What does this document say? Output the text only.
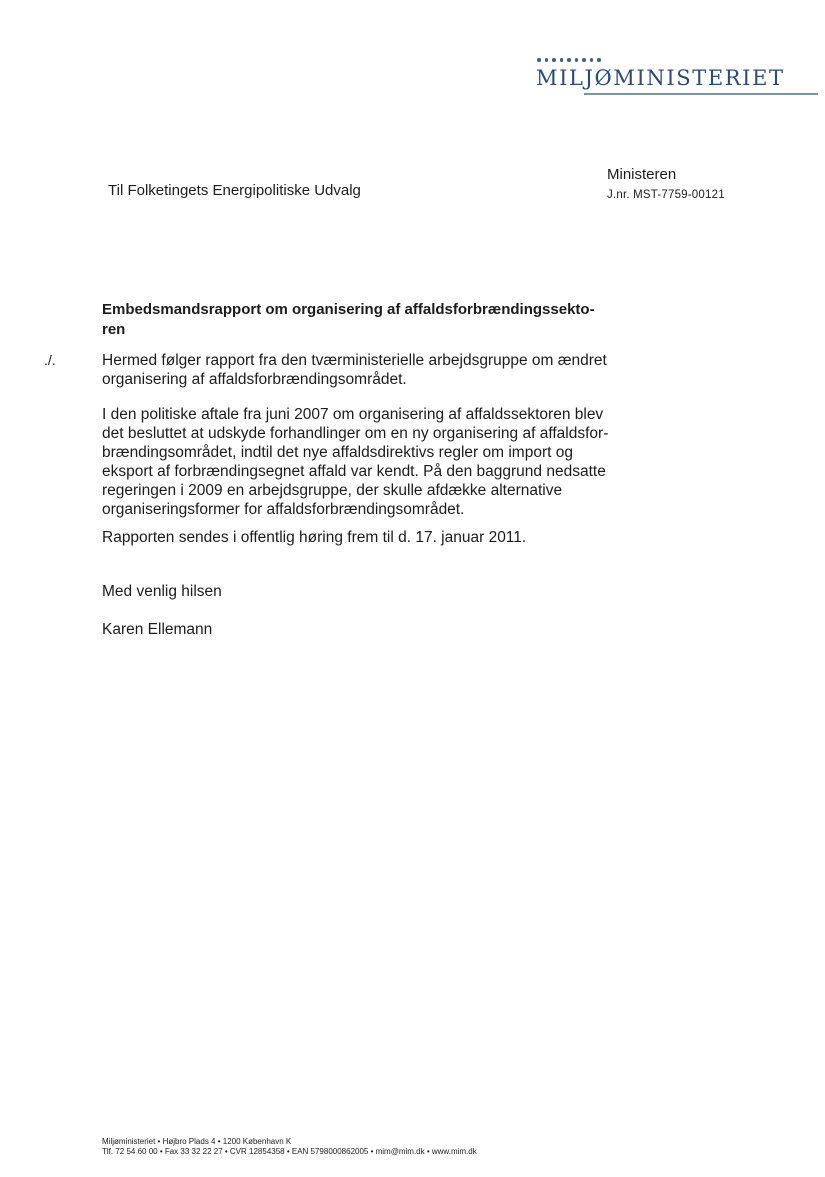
MILJØMINISTERIET
Til Folketingets Energipolitiske Udvalg
Ministeren
J.nr. MST-7759-00121
Embedsmandsrapport om organisering af affaldsforbrændingssekto-ren
./.	Hermed følger rapport fra den tværministerielle arbejdsgruppe om ændret organisering af affaldsforbrændingsområdet.
I den politiske aftale fra juni 2007 om organisering af affaldssektoren blev det besluttet at udskyde forhandlinger om en ny organisering af affaldsfor-brændingsområdet, indtil det nye affaldsdirektivs regler om import og eksport af forbrændingsegnet affald var kendt. På den baggrund nedsatte regeringen i 2009 en arbejdsgruppe, der skulle afdække alternative organiseringsformer for affaldsforbrændingsområdet.
Rapporten sendes i offentlig høring frem til d. 17. januar 2011.
Med venlig hilsen
Karen Ellemann
Miljøministeriet • Højbro Plads 4 • 1200 København K
Tlf. 72 54 60 00 • Fax 33 32 22 27 • CVR 12854358 • EAN 5798000862005 • mim@mim.dk • www.mim.dk
